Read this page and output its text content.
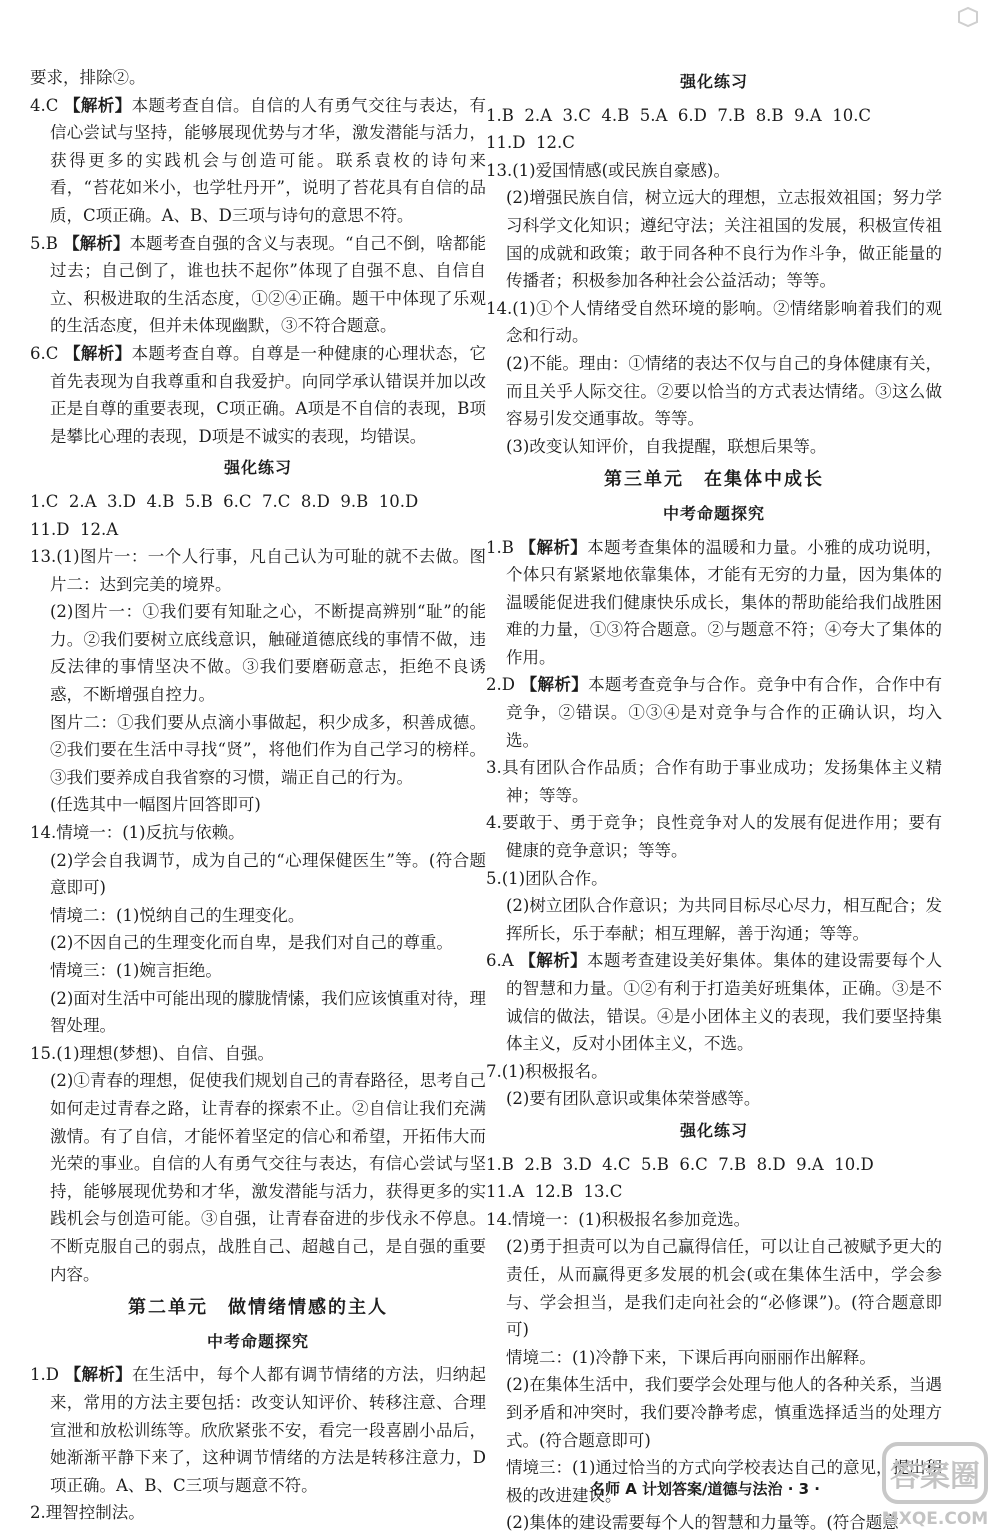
要求，排除②。

4.C 【解析】本题考查自信。自信的人有勇气交往与表达，有信心尝试与坚持，能够展现优势与才华，激发潜能与活力，获得更多的实践机会与创造可能。联系袁枚的诗句来看，“苔花如米小，也学牡丹开”，说明了苔花具有自信的品质，C项正确。A、B、D三项与诗句的意思不符。

5.B 【解析】本题考查自强的含义与表现。“自己不倒，啥都能过去；自己倒了，谁也扶不起你”体现了自强不息、自信自立、积极进取的生活态度，①②④正确。题干中体现了乐观的生活态度，但并未体现幽默，③不符合题意。

6.C 【解析】本题考查自尊。自尊是一种健康的心理状态，它首先表现为自我尊重和自我爱护。向同学承认错误并加以改正是自尊的重要表现，C项正确。A项是不自信的表现，B项是攀比心理的表现，D项是不诚实的表现，均错误。

强化练习

1.C  2.A  3.D  4.B  5.B  6.C  7.C  8.D  9.B  10.D

11.D  12.A

13.(1)图片一：一个人行事，凡自己认为可耻的就不去做。图片二：达到完美的境界。

(2)图片一：①我们要有知耻之心，不断提高辨别“耻”的能力。②我们要树立底线意识，触碰道德底线的事情不做，违反法律的事情坚决不做。③我们要磨砺意志，拒绝不良诱惑，不断增强自控力。

图片二：①我们要从点滴小事做起，积少成多，积善成德。②我们要在生活中寻找“贤”，将他们作为自己学习的榜样。③我们要养成自我省察的习惯，端正自己的行为。

(任选其中一幅图片回答即可)

14.情境一：(1)反抗与依赖。

(2)学会自我调节，成为自己的“心理保健医生”等。(符合题意即可)

情境二：(1)悦纳自己的生理变化。

(2)不因自己的生理变化而自卑，是我们对自己的尊重。

情境三：(1)婉言拒绝。

(2)面对生活中可能出现的朦胧情愫，我们应该慎重对待，理智处理。

15.(1)理想(梦想)、自信、自强。

(2)①青春的理想，促使我们规划自己的青春路径，思考自己如何走过青春之路，让青春的探索不止。②自信让我们充满激情。有了自信，才能怀着坚定的信心和希望，开拓伟大而光荣的事业。自信的人有勇气交往与表达，有信心尝试与坚持，能够展现优势和才华，激发潜能与活力，获得更多的实践机会与创造可能。③自强，让青春奋进的步伐永不停息。不断克服自己的弱点，战胜自己、超越自己，是自强的重要内容。

第二单元　做情绪情感的主人

中考命题探究

1.D 【解析】在生活中，每个人都有调节情绪的方法，归纳起来，常用的方法主要包括：改变认知评价、转移注意、合理宣泄和放松训练等。欣欣紧张不安，看完一段喜剧小品后，她渐渐平静下来了，这种调节情绪的方法是转移注意力，D项正确。A、B、C三项与题意不符。

2.理智控制法。

强化练习

1.B  2.A  3.C  4.B  5.A  6.D  7.B  8.B  9.A  10.C

11.D  12.C

13.(1)爱国情感(或民族自豪感)。

(2)增强民族自信，树立远大的理想，立志报效祖国；努力学习科学文化知识；遵纪守法；关注祖国的发展，积极宣传祖国的成就和政策；敢于同各种不良行为作斗争，做正能量的传播者；积极参加各种社会公益活动；等等。

14.(1)①个人情绪受自然环境的影响。②情绪影响着我们的观念和行动。

(2)不能。理由：①情绪的表达不仅与自己的身体健康有关，而且关乎人际交往。②要以恰当的方式表达情绪。③这么做容易引发交通事故。等等。

(3)改变认知评价，自我提醒，联想后果等。

第三单元　在集体中成长

中考命题探究

1.B 【解析】本题考查集体的温暖和力量。小雅的成功说明，个体只有紧紧地依靠集体，才能有无穷的力量，因为集体的温暖能促进我们健康快乐成长，集体的帮助能给我们战胜困难的力量，①③符合题意。②与题意不符；④夸大了集体的作用。

2.D 【解析】本题考查竞争与合作。竞争中有合作，合作中有竞争，②错误。①③④是对竞争与合作的正确认识，均入选。

3.具有团队合作品质；合作有助于事业成功；发扬集体主义精神；等等。

4.要敢于、勇于竞争；良性竞争对人的发展有促进作用；要有健康的竞争意识；等等。

5.(1)团队合作。

(2)树立团队合作意识；为共同目标尽心尽力，相互配合；发挥所长，乐于奉献；相互理解，善于沟通；等等。

6.A 【解析】本题考查建设美好集体。集体的建设需要每个人的智慧和力量。①②有利于打造美好班集体，正确。③是不诚信的做法，错误。④是小团体主义的表现，我们要坚持集体主义，反对小团体主义，不选。

7.(1)积极报名。

(2)要有团队意识或集体荣誉感等。

强化练习

1.B  2.B  3.D  4.C  5.B  6.C  7.B  8.D  9.A  10.D

11.A  12.B  13.C

14.情境一：(1)积极报名参加竞选。

(2)勇于担责可以为自己赢得信任，可以让自己被赋予更大的责任，从而赢得更多发展的机会(或在集体生活中，学会参与、学会担当，是我们走向社会的“必修课”)。(符合题意即可)

情境二：(1)冷静下来，下课后再向丽丽作出解释。

(2)在集体生活中，我们要学会处理与他人的各种关系，当遇到矛盾和冲突时，我们要冷静考虑，慎重选择适当的处理方式。(符合题意即可)

情境三：(1)通过恰当的方式向学校表达自己的意见，提出积极的改进建议。

(2)集体的建设需要每个人的智慧和力量等。(符合题意

名师 A 计划答案/道德与法治 · 3 ·	答案圈
MXQE.COM
